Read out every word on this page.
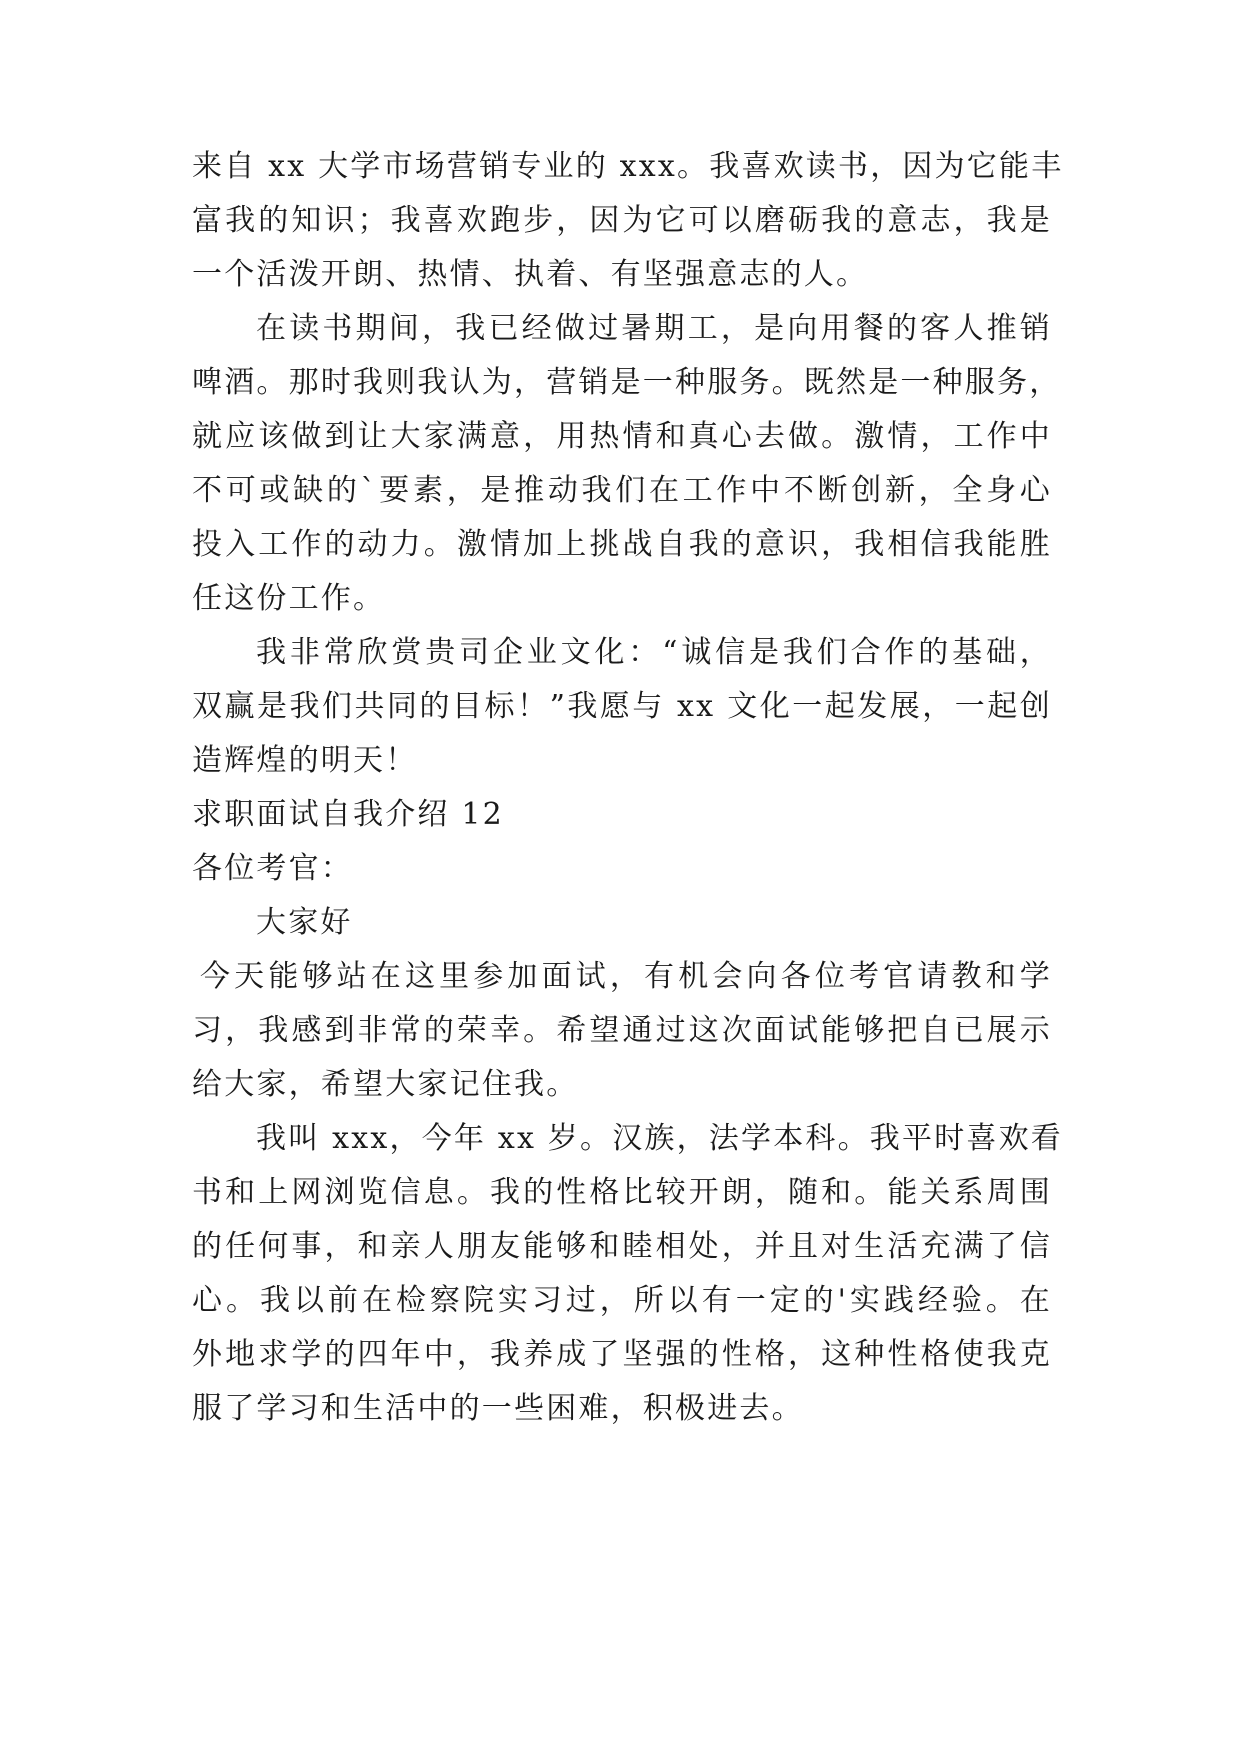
来自 xx 大学市场营销专业的 xxx。我喜欢读书，因为它能丰
富我的知识；我喜欢跑步，因为它可以磨砺我的意志，我是
一个活泼开朗、热情、执着、有坚强意志的人。
在读书期间，我已经做过暑期工，是向用餐的客人推销
啤酒。那时我则我认为，营销是一种服务。既然是一种服务，
就应该做到让大家满意，用热情和真心去做。激情，工作中
不可或缺的`要素，是推动我们在工作中不断创新，全身心
投入工作的动力。激情加上挑战自我的意识，我相信我能胜
任这份工作。
我非常欣赏贵司企业文化：“诚信是我们合作的基础，
双赢是我们共同的目标！”我愿与 xx 文化一起发展，一起创
造辉煌的明天！
求职面试自我介绍 12
各位考官：
大家好
今天能够站在这里参加面试，有机会向各位考官请教和学
习，我感到非常的荣幸。希望通过这次面试能够把自已展示
给大家，希望大家记住我。
我叫 xxx，今年 xx 岁。汉族，法学本科。我平时喜欢看
书和上网浏览信息。我的性格比较开朗，随和。能关系周围
的任何事，和亲人朋友能够和睦相处，并且对生活充满了信
心。我以前在检察院实习过，所以有一定的'实践经验。在
外地求学的四年中，我养成了坚强的性格，这种性格使我克
服了学习和生活中的一些困难，积极进去。
